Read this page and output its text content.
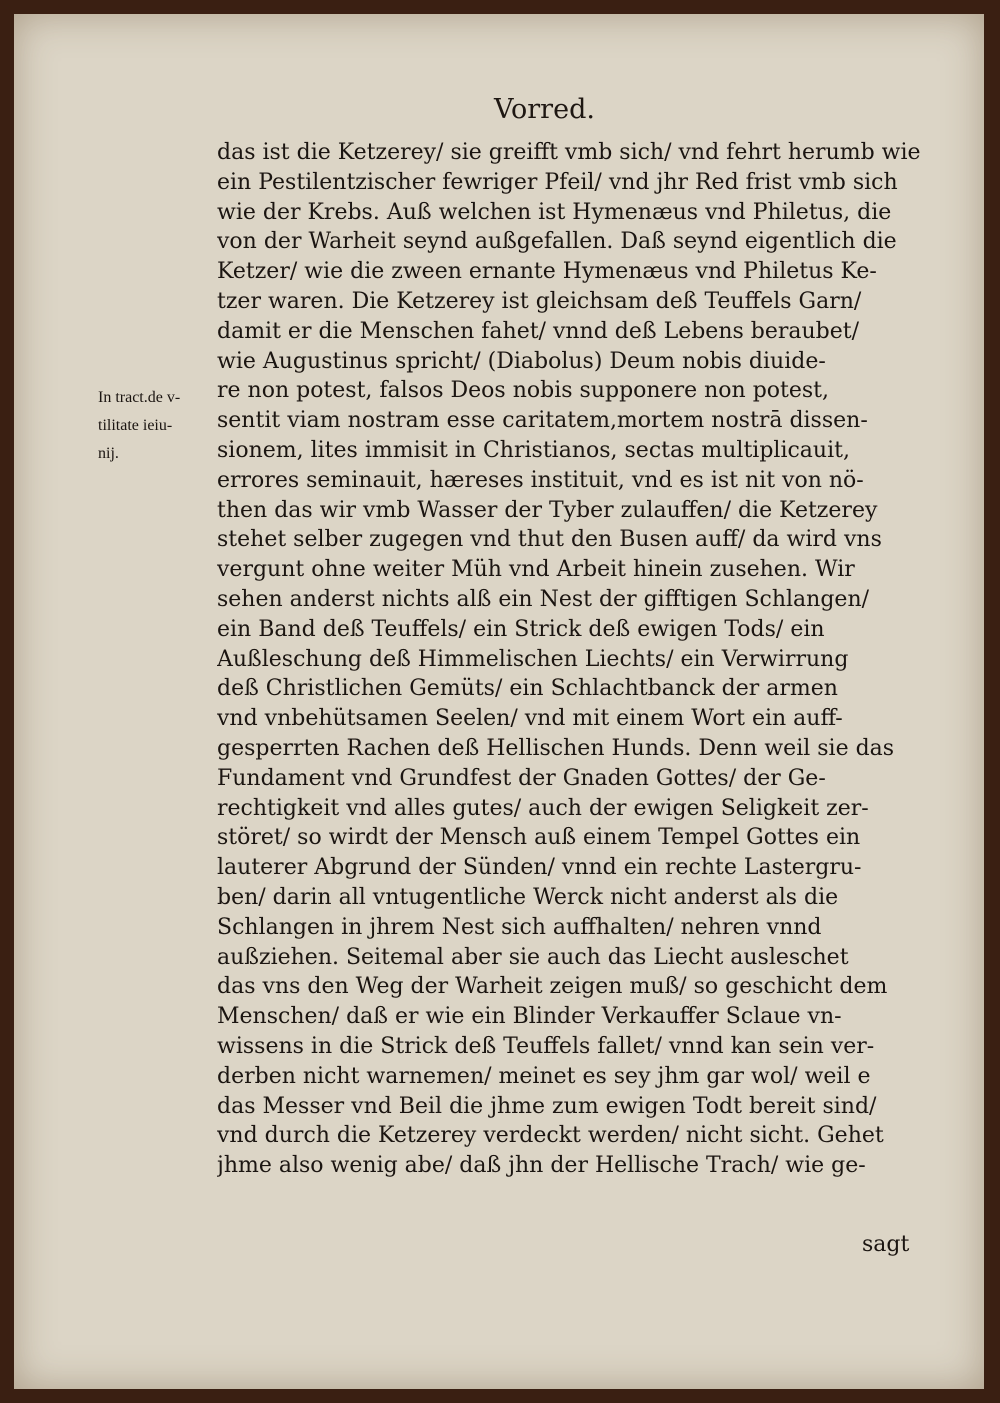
Vorred.
In tract.de v-
tilitate ieiu-
nij.
das ist die Ketzerey/ sie greifft vmb sich/ vnd fehrt herumb wie
ein Pestilentzischer fewriger Pfeil/ vnd jhr Red frist vmb sich
wie der Krebs. Auß welchen ist Hymenæus vnd Philetus, die
von der Warheit seynd außgefallen. Daß seynd eigentlich die
Ketzer/ wie die zween ernante Hymenæus vnd Philetus Ke-
tzer waren. Die Ketzerey ist gleichsam deß Teuffels Garn/
damit er die Menschen fahet/ vnnd deß Lebens beraubet/
wie Augustinus spricht/ (Diabolus) Deum nobis diuide-
re non potest, falsos Deos nobis supponere non potest,
sentit viam nostram esse caritatem,mortem nostrā dissen-
sionem, lites immisit in Christianos, sectas multiplicauit,
errores seminauit, hæreses instituit, vnd es ist nit von nö-
then das wir vmb Wasser der Tyber zulauffen/ die Ketzerey
stehet selber zugegen vnd thut den Busen auff/ da wird vns
vergunt ohne weiter Müh vnd Arbeit hinein zusehen. Wir
sehen anderst nichts alß ein Nest der gifftigen Schlangen/
ein Band deß Teuffels/ ein Strick deß ewigen Tods/ ein
Außleschung deß Himmelischen Liechts/ ein Verwirrung
deß Christlichen Gemüts/ ein Schlachtbanck der armen
vnd vnbehütsamen Seelen/ vnd mit einem Wort ein auff-
gesperrten Rachen deß Hellischen Hunds. Denn weil sie das
Fundament vnd Grundfest der Gnaden Gottes/ der Ge-
rechtigkeit vnd alles gutes/ auch der ewigen Seligkeit zer-
störet/ so wirdt der Mensch auß einem Tempel Gottes ein
lauterer Abgrund der Sünden/ vnnd ein rechte Lastergru-
ben/ darin all vntugentliche Werck nicht anderst als die
Schlangen in jhrem Nest sich auffhalten/ nehren vnnd
außziehen. Seitemal aber sie auch das Liecht ausleschet
das vns den Weg der Warheit zeigen muß/ so geschicht dem
Menschen/ daß er wie ein Blinder Verkauffer Sclaue vn-
wissens in die Strick deß Teuffels fallet/ vnnd kan sein ver-
derben nicht warnemen/ meinet es sey jhm gar wol/ weil e
das Messer vnd Beil die jhme zum ewigen Todt bereit sind/
vnd durch die Ketzerey verdeckt werden/ nicht sicht. Gehet
jhme also wenig abe/ daß jhn der Hellische Trach/ wie ge-
sagt
